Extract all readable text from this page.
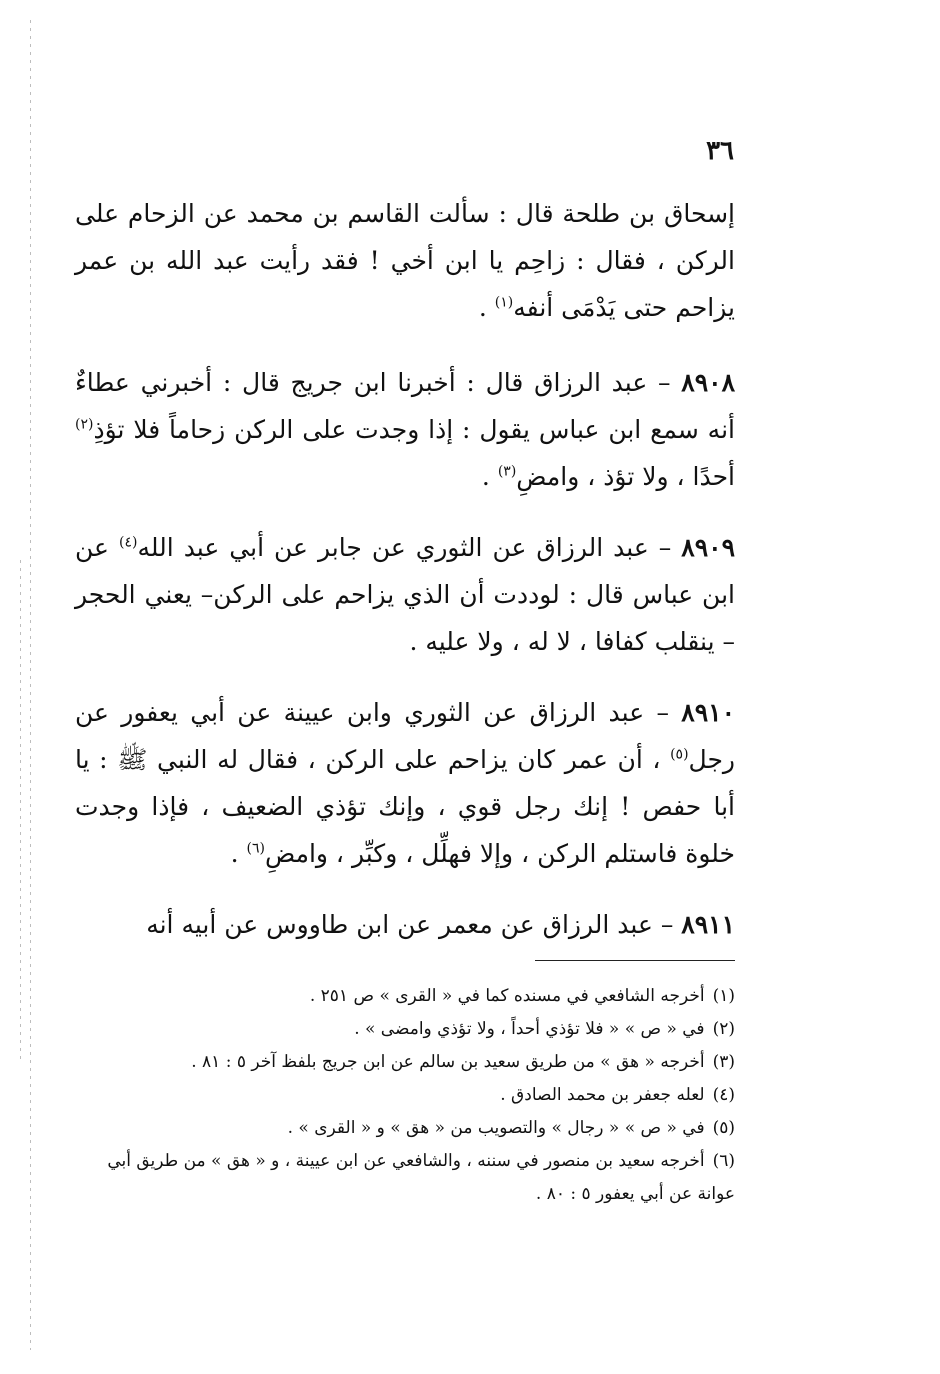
٣٦

إسحاق بن طلحة قال : سألت القاسم بن محمد عن الزحام على الركن ، فقال : زاحِم يا ابن أخي ! فقد رأيت عبد الله بن عمر يزاحم حتى يَدْمَى أنفه$^{(١)}$ .

٨٩٠٨ – عبد الرزاق قال : أخبرنا ابن جريج قال : أخبرني عطاءٌ أنه سمع ابن عباس يقول : إذا وجدت على الركن زحاماً فلا تؤذِ$^{(٢)}$ أحدًا ، ولا تؤذ ، وامضِ$^{(٣)}$ .

٨٩٠٩ – عبد الرزاق عن الثوري عن جابر عن أبي عبد الله$^{(٤)}$ عن ابن عباس قال : لوددت أن الذي يزاحم على الركن– يعني الحجر – ينقلب كفافا ، لا له ، ولا عليه .

٨٩١٠ – عبد الرزاق عن الثوري وابن عيينة عن أبي يعفور عن رجل$^{(٥)}$ ، أن عمر كان يزاحم على الركن ، فقال له النبي ﷺ : يا أبا حفص ! إنك رجل قوي ، وإنك تؤذي الضعيف ، فإذا وجدت خلوة فاستلم الركن ، وإلا فهلِّل ، وكبِّر ، وامضِ$^{(٦)}$ .

٨٩١١ – عبد الرزاق عن معمر عن ابن طاووس عن أبيه أنه

(١)أخرجه الشافعي في مسنده كما في « القرى » ص ٢٥١ .

(٢)في « ص » « فلا تؤذي أحداً ، ولا تؤذي وامضى » .

(٣)أخرجه « هق » من طريق سعيد بن سالم عن ابن جريج بلفظ آخر ٥ : ٨١ .

(٤)لعله جعفر بن محمد الصادق .

(٥)في « ص » « رجال » والتصويب من « هق » و « القرى » .

(٦)أخرجه سعيد بن منصور في سننه ، والشافعي عن ابن عيينة ، و « هق » من طريق أبي عوانة عن أبي يعفور ٥ : ٨٠ .
